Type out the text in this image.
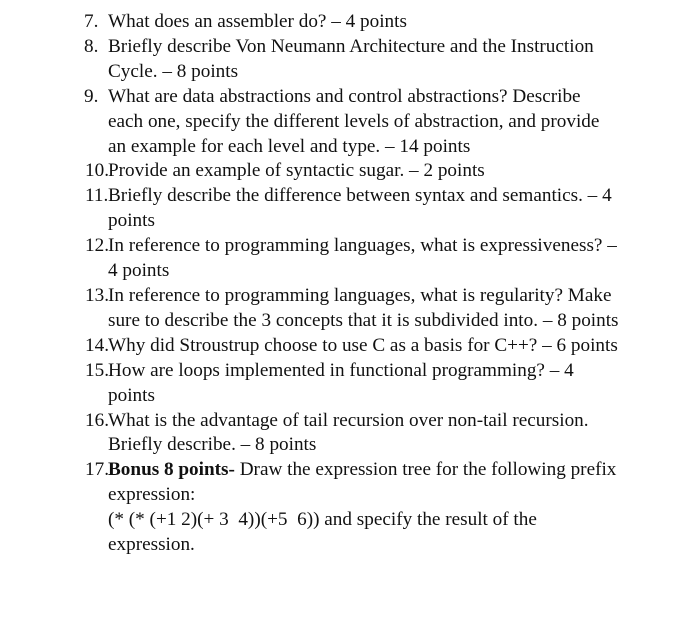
7. What does an assembler do? – 4 points
8. Briefly describe Von Neumann Architecture and the Instruction Cycle. – 8 points
9. What are data abstractions and control abstractions? Describe each one, specify the different levels of abstraction, and provide an example for each level and type. – 14 points
10. Provide an example of syntactic sugar. – 2 points
11. Briefly describe the difference between syntax and semantics. – 4 points
12. In reference to programming languages, what is expressiveness? – 4 points
13. In reference to programming languages, what is regularity? Make sure to describe the 3 concepts that it is subdivided into. – 8 points
14. Why did Stroustrup choose to use C as a basis for C++? – 6 points
15. How are loops implemented in functional programming? – 4 points
16. What is the advantage of tail recursion over non-tail recursion. Briefly describe. – 8 points
17. Bonus 8 points- Draw the expression tree for the following prefix expression:
(* (* (+1 2)(+ 3  4))(+5  6)) and specify the result of the expression.
